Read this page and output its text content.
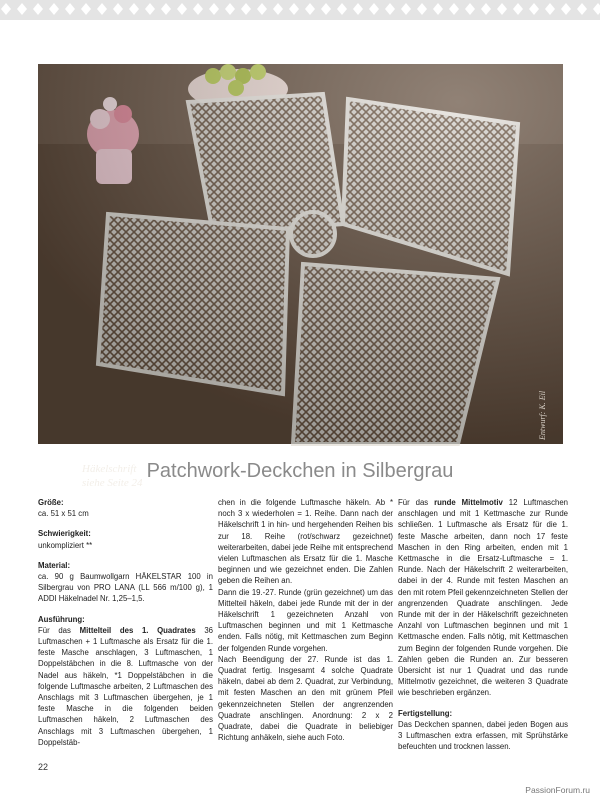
Häkelschrift
siehe Seite 24
Entwurf: K. Eil
Patchwork-Deckchen in Silbergrau

Größe:

ca. 51 x 51 cm

Schwierigkeit:

unkompliziert **

Material:

ca. 90 g Baumwollgarn HÄKELSTAR 100 in Silbergrau von PRO LANA (LL 566 m/100 g), 1 ADDI Häkelnadel Nr. 1,25–1,5.

Ausführung:

Für das Mittelteil des 1. Quadrates 36 Luftmaschen + 1 Luftmasche als Ersatz für die 1. feste Masche anschlagen, 3 Luftmaschen, 1 Doppelstäbchen in die 8. Luftmasche von der Nadel aus häkeln, *1 Doppelstäbchen in die folgende Luftmasche arbeiten, 2 Luftmaschen des Anschlags mit 3 Luftmaschen übergehen, je 1 feste Masche in die folgenden beiden Luftmaschen häkeln, 2 Luftmaschen des Anschlags mit 3 Luftmaschen übergehen, 1 Doppelstäb-

chen in die folgende Luftmasche häkeln. Ab * noch 3 x wiederholen = 1. Reihe. Dann nach der Häkelschrift 1 in hin- und hergehenden Reihen bis zur 18. Reihe (rot/schwarz gezeichnet) weiterarbeiten, dabei jede Reihe mit entsprechend vielen Luftmaschen als Ersatz für die 1. Masche beginnen und wie gezeichnet enden. Die Zahlen geben die Reihen an.

Dann die 19.-27. Runde (grün gezeichnet) um das Mittelteil häkeln, dabei jede Runde mit der in der Häkelschrift 1 gezeichneten Anzahl von Luftmaschen beginnen und mit 1 Kettmasche enden. Falls nötig, mit Kettmaschen zum Beginn der folgenden Runde vorgehen.

Nach Beendigung der 27. Runde ist das 1. Quadrat fertig. Insgesamt 4 solche Quadrate häkeln, dabei ab dem 2. Quadrat, zur Verbindung, mit festen Maschen an den mit grünem Pfeil gekennzeichneten Stellen der angrenzenden Quadrate anschlingen. Anordnung: 2 x 2 Quadrate, dabei die Quadrate in beliebiger Richtung anhäkeln, siehe auch Foto.

Für das runde Mittelmotiv 12 Luftmaschen anschlagen und mit 1 Kettmasche zur Runde schließen. 1 Luftmasche als Ersatz für die 1. feste Masche arbeiten, dann noch 17 feste Maschen in den Ring arbeiten, enden mit 1 Kettmasche in die Ersatz-Luftmasche = 1. Runde. Nach der Häkelschrift 2 weiterarbeiten, dabei in der 4. Runde mit festen Maschen an den mit rotem Pfeil gekennzeichneten Stellen der angrenzenden Quadrate anschlingen. Jede Runde mit der in der Häkelschrift gezeichneten Anzahl von Luftmaschen beginnen und mit 1 Kettmasche enden. Falls nötig, mit Kettmaschen zum Beginn der folgenden Runde vorgehen. Die Zahlen geben die Runden an. Zur besseren Übersicht ist nur 1 Quadrat und das runde Mittelmotiv gezeichnet, die weiteren 3 Quadrate wie beschrieben ergänzen.

Fertigstellung:

Das Deckchen spannen, dabei jeden Bogen aus 3 Luftmaschen extra erfassen, mit Sprühstärke befeuchten und trocknen lassen.

22
PassionForum.ru
